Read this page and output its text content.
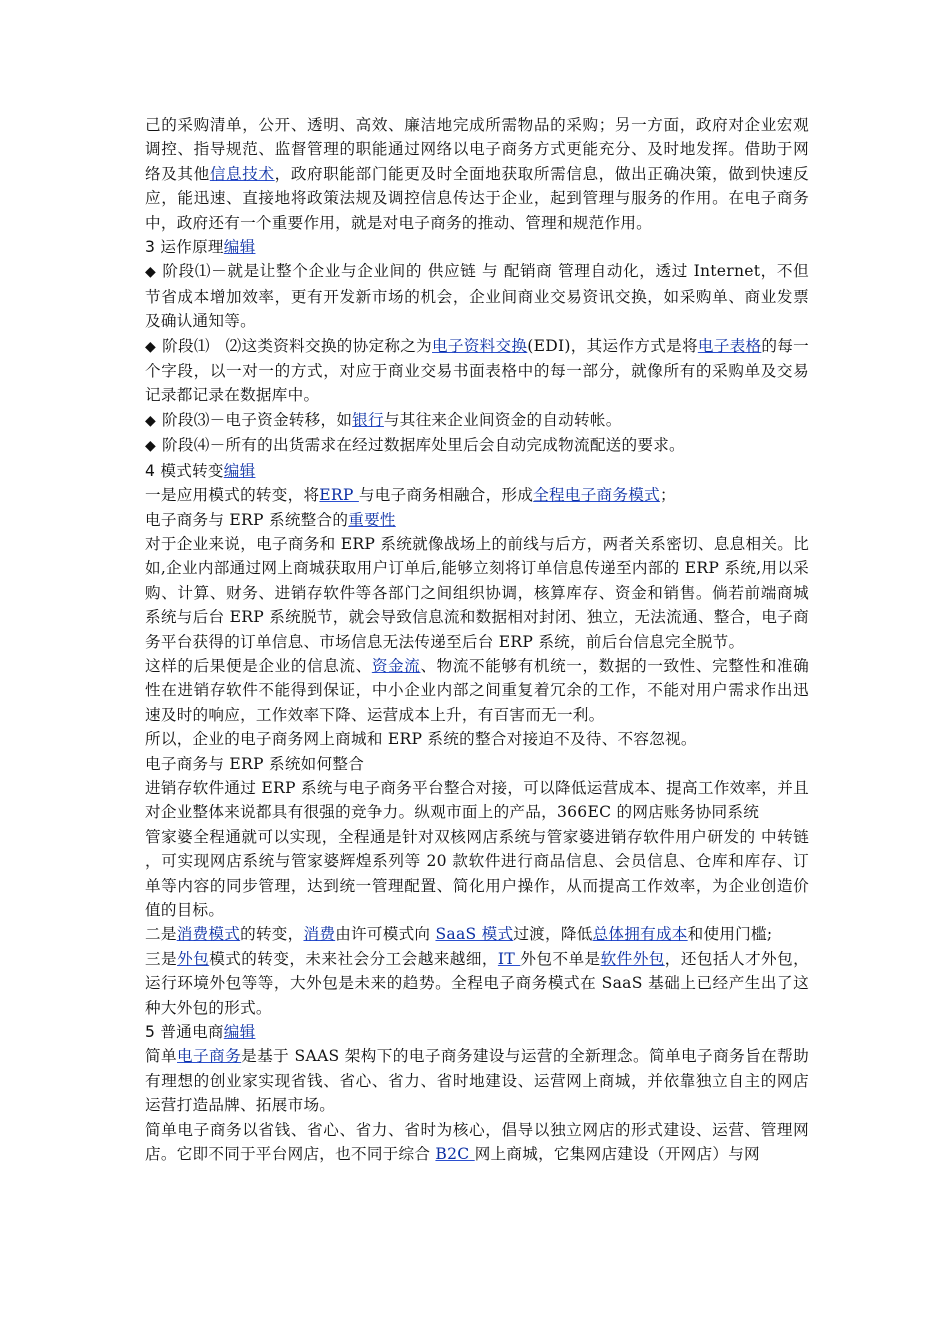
己的采购清单，公开、透明、高效、廉洁地完成所需物品的采购；另一方面，政府对企业宏观调控、指导规范、监督管理的职能通过网络以电子商务方式更能充分、及时地发挥。借助于网络及其他信息技术，政府职能部门能更及时全面地获取所需信息，做出正确决策，做到快速反应，能迅速、直接地将政策法规及调控信息传达于企业，起到管理与服务的作用。在电子商务中，政府还有一个重要作用，就是对电子商务的推动、管理和规范作用。

3 运作原理编辑

◆ 阶段⑴－就是让整个企业与企业间的 供应链 与 配销商 管理自动化，透过 Internet，不但节省成本增加效率，更有开发新市场的机会，企业间商业交易资讯交换，如采购单、商业发票及确认通知等。

◆ 阶段⑴　⑵这类资料交换的协定称之为电子资料交换(EDI)，其运作方式是将电子表格的每一个字段，以一对一的方式，对应于商业交易书面表格中的每一部分，就像所有的采购单及交易记录都记录在数据库中。

◆ 阶段⑶－电子资金转移，如银行与其往来企业间资金的自动转帐。

◆ 阶段⑷－所有的出货需求在经过数据库处里后会自动完成物流配送的要求。

4 模式转变编辑

一是应用模式的转变，将ERP 与电子商务相融合，形成全程电子商务模式；

电子商务与 ERP 系统整合的重要性

对于企业来说，电子商务和 ERP 系统就像战场上的前线与后方，两者关系密切、息息相关。比如,企业内部通过网上商城获取用户订单后,能够立刻将订单信息传递至内部的 ERP 系统,用以采购、计算、财务、进销存软件等各部门之间组织协调，核算库存、资金和销售。倘若前端商城系统与后台 ERP 系统脱节，就会导致信息流和数据相对封闭、独立，无法流通、整合，电子商务平台获得的订单信息、市场信息无法传递至后台 ERP 系统，前后台信息完全脱节。

这样的后果便是企业的信息流、资金流、物流不能够有机统一，数据的一致性、完整性和准确性在进销存软件不能得到保证，中小企业内部之间重复着冗余的工作，不能对用户需求作出迅速及时的响应，工作效率下降、运营成本上升，有百害而无一利。

所以，企业的电子商务网上商城和 ERP 系统的整合对接迫不及待、不容忽视。

电子商务与 ERP 系统如何整合

进销存软件通过 ERP 系统与电子商务平台整合对接，可以降低运营成本、提高工作效率，并且对企业整体来说都具有很强的竞争力。纵观市面上的产品，366EC 的网店账务协同系统

管家婆全程通就可以实现，全程通是针对双核网店系统与管家婆进销存软件用户研发的 中转链 ，可实现网店系统与管家婆辉煌系列等 20 款软件进行商品信息、会员信息、仓库和库存、订单等内容的同步管理，达到统一管理配置、简化用户操作，从而提高工作效率，为企业创造价值的目标。

二是消费模式的转变，消费由许可模式向 SaaS 模式过渡，降低总体拥有成本和使用门槛;

三是外包模式的转变，未来社会分工会越来越细，IT 外包不单是软件外包，还包括人才外包，运行环境外包等等，大外包是未来的趋势。全程电子商务模式在 SaaS 基础上已经产生出了这种大外包的形式。

5 普通电商编辑

简单电子商务是基于 SAAS 架构下的电子商务建设与运营的全新理念。简单电子商务旨在帮助有理想的创业家实现省钱、省心、省力、省时地建设、运营网上商城，并依靠独立自主的网店运营打造品牌、拓展市场。

简单电子商务以省钱、省心、省力、省时为核心，倡导以独立网店的形式建设、运营、管理网店。它即不同于平台网店，也不同于综合 B2C 网上商城，它集网店建设（开网店）与网
